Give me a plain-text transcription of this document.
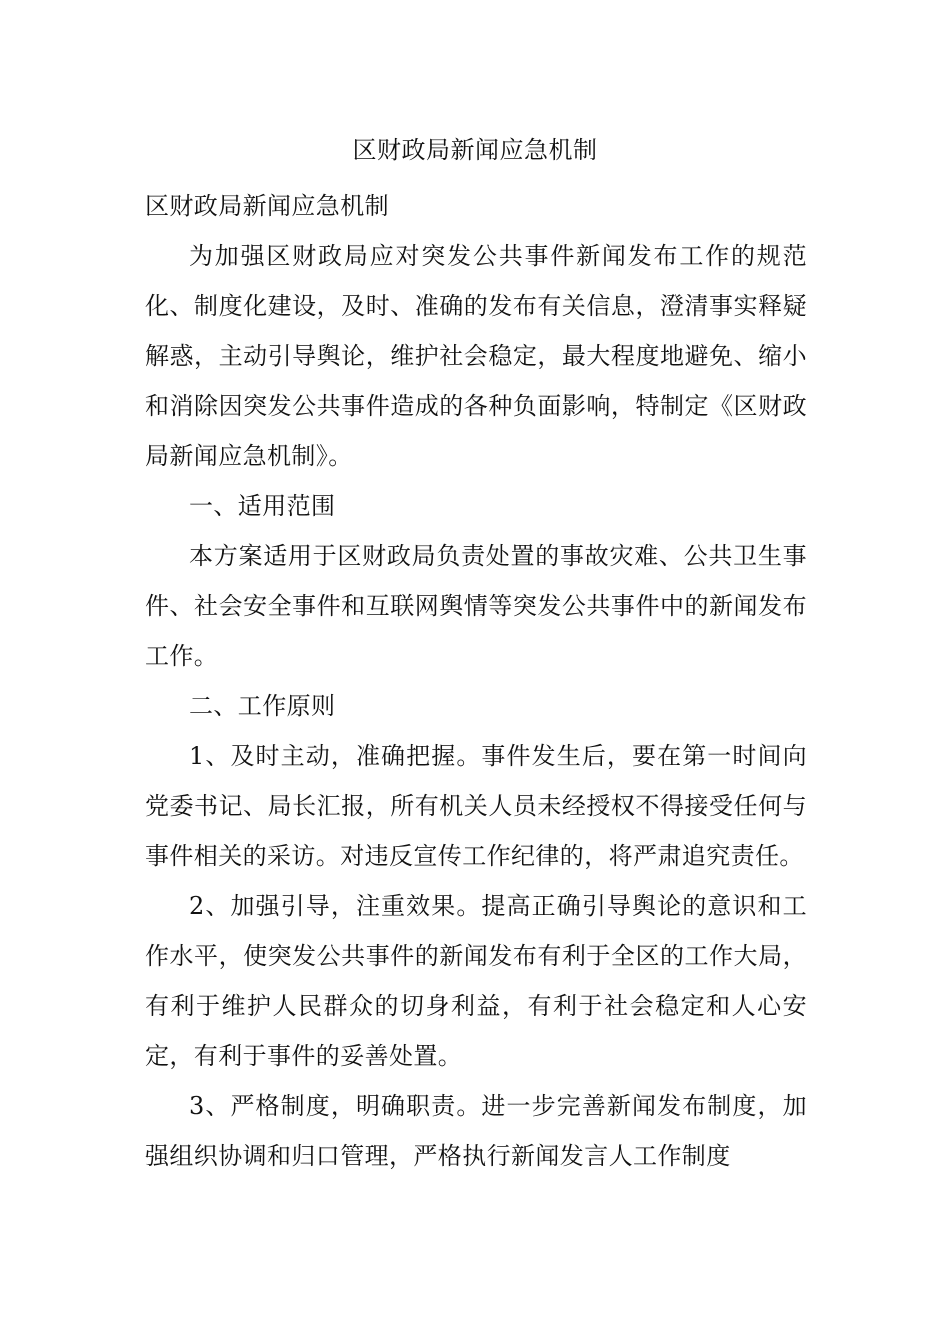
区财政局新闻应急机制

区财政局新闻应急机制

为加强区财政局应对突发公共事件新闻发布工作的规范化、制度化建设，及时、准确的发布有关信息，澄清事实释疑解惑，主动引导舆论，维护社会稳定，最大程度地避免、缩小和消除因突发公共事件造成的各种负面影响，特制定《区财政局新闻应急机制》。

一、适用范围

本方案适用于区财政局负责处置的事故灾难、公共卫生事件、社会安全事件和互联网舆情等突发公共事件中的新闻发布工作。

二、工作原则

1、及时主动，准确把握。事件发生后，要在第一时间向党委书记、局长汇报，所有机关人员未经授权不得接受任何与事件相关的采访。对违反宣传工作纪律的，将严肃追究责任。

2、加强引导，注重效果。提高正确引导舆论的意识和工作水平，使突发公共事件的新闻发布有利于全区的工作大局，有利于维护人民群众的切身利益，有利于社会稳定和人心安定，有利于事件的妥善处置。

3、严格制度，明确职责。进一步完善新闻发布制度，加强组织协调和归口管理，严格执行新闻发言人工作制度
